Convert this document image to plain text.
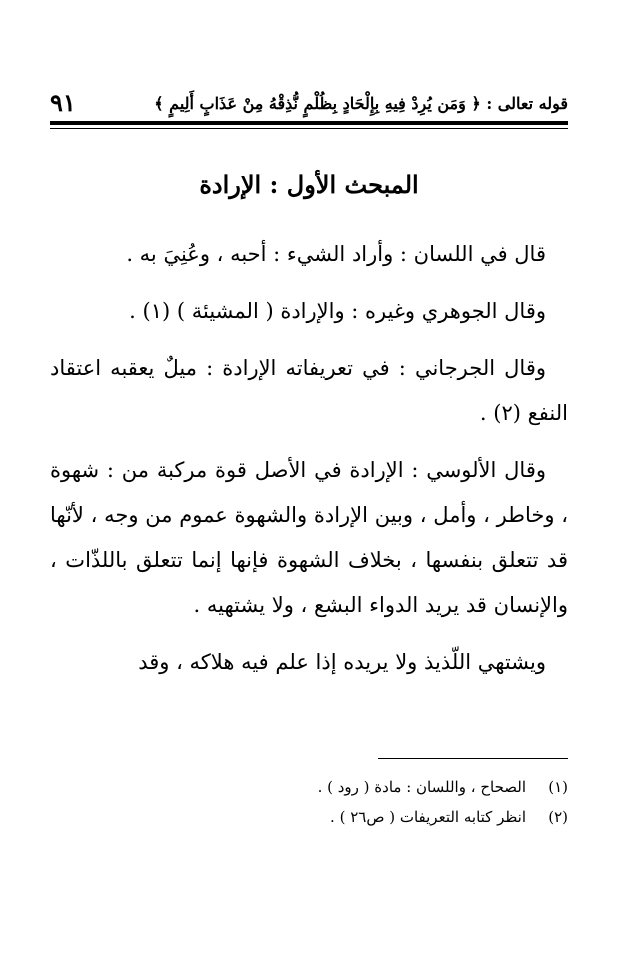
قوله تعالى : ﴿ وَمَن يُرِدْ فِيهِ بِإِلْحَادٍ بِظُلْمٍ نُّذِقْهُ مِنْ عَذَابٍ أَلِيمٍ ﴾
٩١
المبحث الأول : الإرادة

قال في اللسان : وأراد الشيء : أحبه ، وعُنِيَ به .

وقال الجوهري وغيره : والإرادة ( المشيئة ) (١) .

وقال الجرجاني : في تعريفاته الإرادة : ميلٌ يعقبه اعتقاد النفع (٢) .

وقال الألوسي : الإرادة في الأصل قوة مركبة من : شهوة ، وخاطر ، وأمل ، وبين الإرادة والشهوة عموم من وجه ، لأنّها قد تتعلق بنفسها ، بخلاف الشهوة فإنها إنما تتعلق باللذّات ، والإنسان قد يريد الدواء البشع ، ولا يشتهيه .

ويشتهي اللّذيذ ولا يريده إذا علم فيه هلاكه ، وقد

(١)
الصحاح ، واللسان : مادة ( رود ) .
(٢)
انظر كتابه التعريفات ( ص٢٦ ) .
